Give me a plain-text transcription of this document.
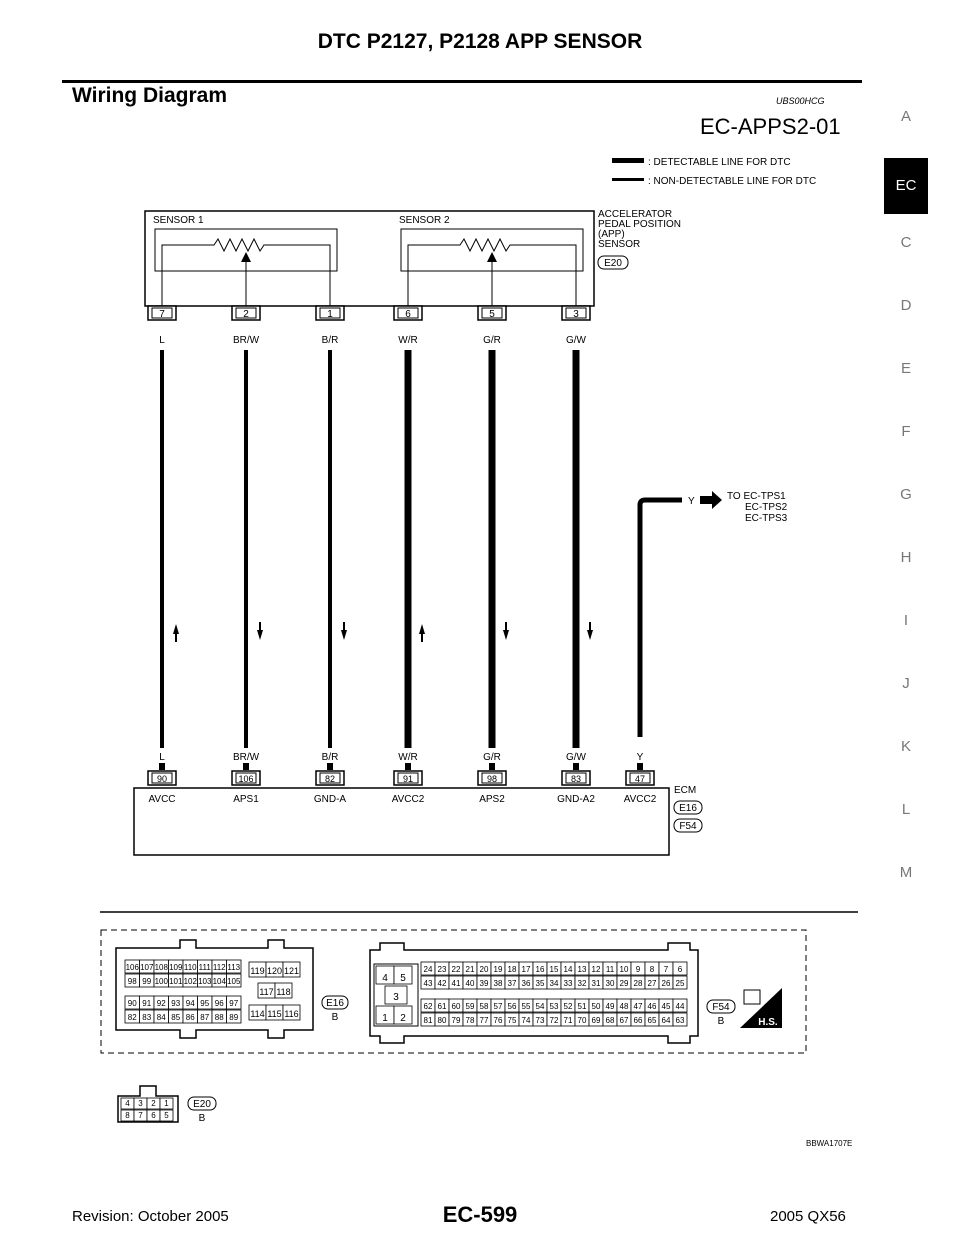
DTC P2127, P2128 APP SENSOR
Wiring Diagram	UBS00HCG
EC-APPS2-01	A
EC
C
D
E
F
G
H
I
J
K
L
M
: DETECTABLE LINE FOR DTC
: NON-DETECTABLE LINE FOR DTC
SENSOR 1	SENSOR 2
ACCELERATOR
PEDAL POSITION
(APP)
SENSOR
E20
7
L
2
BR/W
1
B/R
6
W/R
5
G/R
3
G/W
Y	TO EC-TPS1
EC-TPS2
EC-TPS3
ECM
E16
F54
L
90
AVCC
BR/W
106
APS1
B/R
82
GND-A
W/R
91
AVCC2
G/R
98
APS2
G/W
83
GND-A2
Y
47
AVCC2
106 107 108 109 110 111 112 113
98 99 100 101 102 103 104 105
90 91 92 93 94 95 96 97
82 83 84 85 86 87 88 89
119 120 121
117 118
114 115 116
E16
B
4 5
3
1 2
24 23 22 21 20 19 18 17 16 15 14 13 12 11 10 9 8 7 6
43 42 41 40 39 38 37 36 35 34 33 32 31 30 29 28 27 26 25
62 61 60 59 58 57 56 55 54 53 52 51 50 49 48 47 46 45 44
81 80 79 78 77 76 75 74 73 72 71 70 69 68 67 66 65 64 63
F54
B	H.S.
4 3 2 1
8 7 6 5
E20
B
BBWA1707E
Revision: October 2005	EC-599	2005 QX56
